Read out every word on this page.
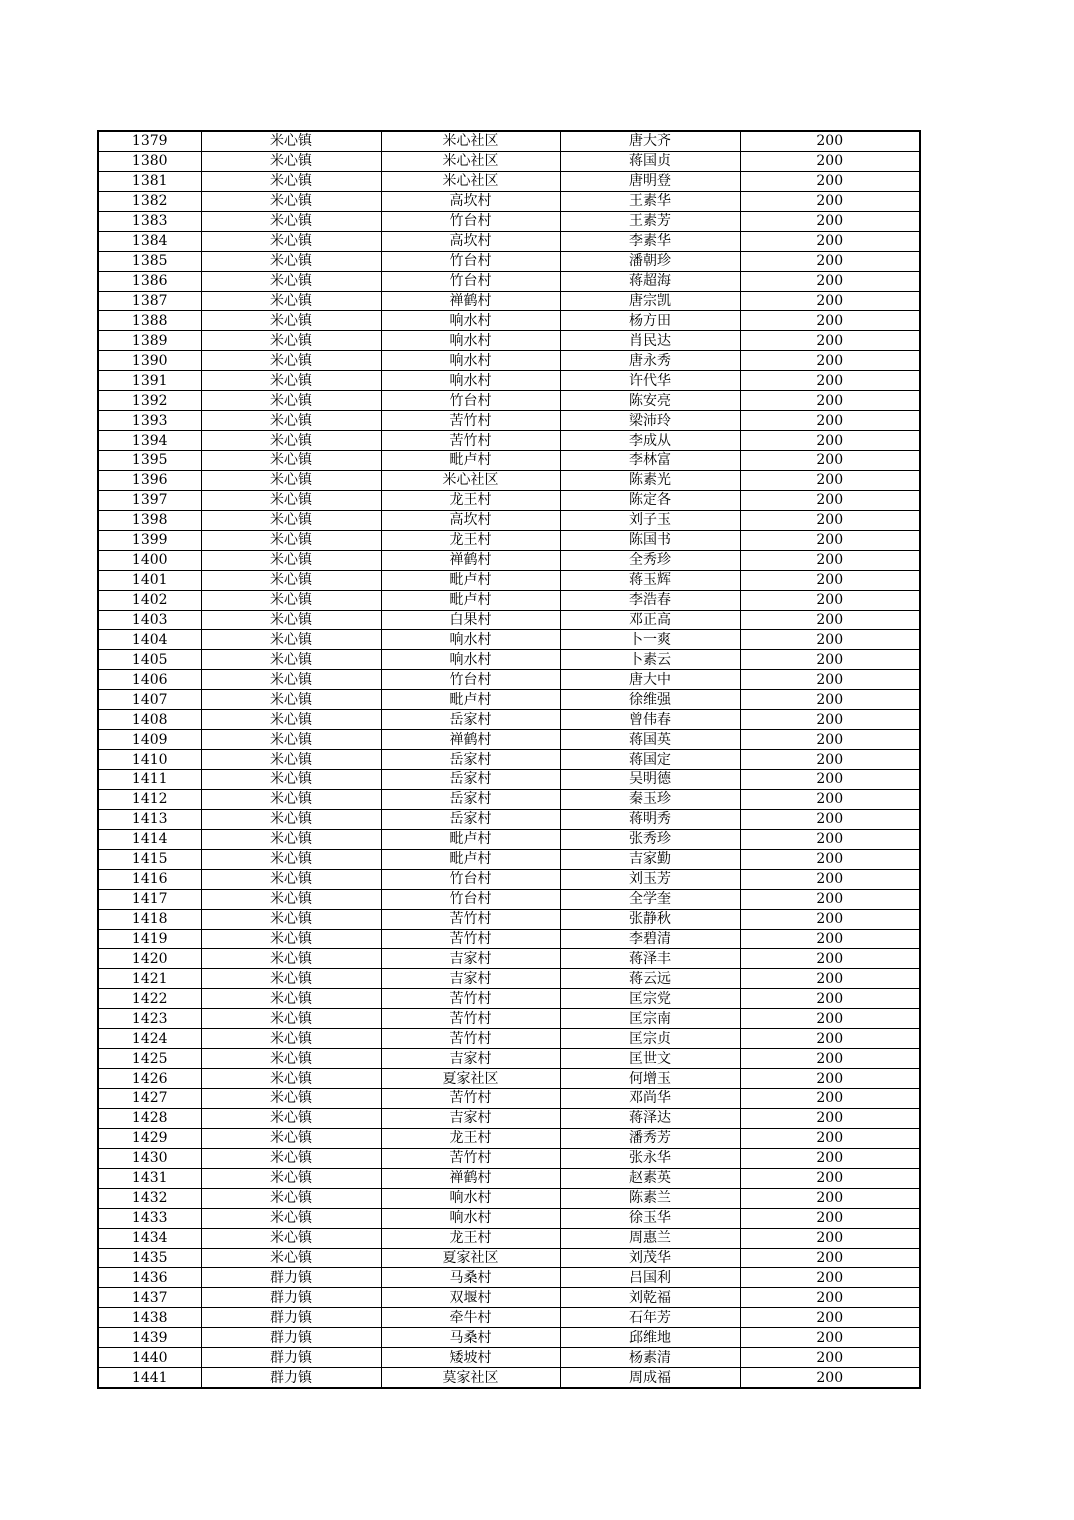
1379	米心镇	米心社区	唐大齐	200
1380	米心镇	米心社区	蒋国贞	200
1381	米心镇	米心社区	唐明登	200
1382	米心镇	高坎村	王素华	200
1383	米心镇	竹台村	王素芳	200
1384	米心镇	高坎村	李素华	200
1385	米心镇	竹台村	潘朝珍	200
1386	米心镇	竹台村	蒋超海	200
1387	米心镇	禅鹤村	唐宗凯	200
1388	米心镇	响水村	杨方田	200
1389	米心镇	响水村	肖民达	200
1390	米心镇	响水村	唐永秀	200
1391	米心镇	响水村	许代华	200
1392	米心镇	竹台村	陈安亮	200
1393	米心镇	苦竹村	梁沛玲	200
1394	米心镇	苦竹村	李成从	200
1395	米心镇	毗卢村	李林富	200
1396	米心镇	米心社区	陈素光	200
1397	米心镇	龙王村	陈定各	200
1398	米心镇	高坎村	刘子玉	200
1399	米心镇	龙王村	陈国书	200
1400	米心镇	禅鹤村	全秀珍	200
1401	米心镇	毗卢村	蒋玉辉	200
1402	米心镇	毗卢村	李浩春	200
1403	米心镇	白果村	邓正高	200
1404	米心镇	响水村	卜一爽	200
1405	米心镇	响水村	卜素云	200
1406	米心镇	竹台村	唐大中	200
1407	米心镇	毗卢村	徐维强	200
1408	米心镇	岳家村	曾伟春	200
1409	米心镇	禅鹤村	蒋国英	200
1410	米心镇	岳家村	蒋国定	200
1411	米心镇	岳家村	吴明德	200
1412	米心镇	岳家村	秦玉珍	200
1413	米心镇	岳家村	蒋明秀	200
1414	米心镇	毗卢村	张秀珍	200
1415	米心镇	毗卢村	吉家勤	200
1416	米心镇	竹台村	刘玉芳	200
1417	米心镇	竹台村	全学奎	200
1418	米心镇	苦竹村	张静秋	200
1419	米心镇	苦竹村	李碧清	200
1420	米心镇	吉家村	蒋泽丰	200
1421	米心镇	吉家村	蒋云远	200
1422	米心镇	苦竹村	匡宗党	200
1423	米心镇	苦竹村	匡宗南	200
1424	米心镇	苦竹村	匡宗贞	200
1425	米心镇	吉家村	匡世文	200
1426	米心镇	夏家社区	何增玉	200
1427	米心镇	苦竹村	邓尚华	200
1428	米心镇	吉家村	蒋泽达	200
1429	米心镇	龙王村	潘秀芳	200
1430	米心镇	苦竹村	张永华	200
1431	米心镇	禅鹤村	赵素英	200
1432	米心镇	响水村	陈素兰	200
1433	米心镇	响水村	徐玉华	200
1434	米心镇	龙王村	周惠兰	200
1435	米心镇	夏家社区	刘茂华	200
1436	群力镇	马桑村	吕国利	200
1437	群力镇	双堰村	刘乾福	200
1438	群力镇	牵牛村	石年芳	200
1439	群力镇	马桑村	邱维地	200
1440	群力镇	矮坡村	杨素清	200
1441	群力镇	莫家社区	周成福	200
